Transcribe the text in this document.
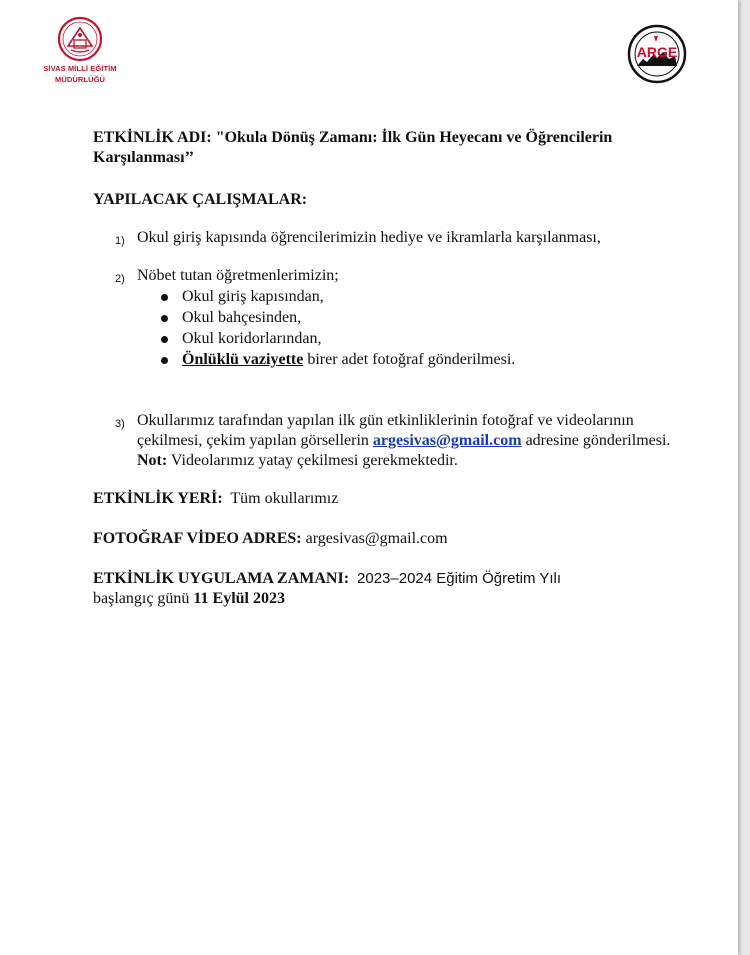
SİVAS MİLLİ EĞİTİM
MÜDÜRLÜĞÜ
ARGE

ETKİNLİK ADI: "Okula Dönüş Zamanı: İlk Gün Heyecanı ve Öğrencilerin Karşılanması’’

YAPILACAK ÇALIŞMALAR:
1) Okul giriş kapısında öğrencilerimizin hediye ve ikramlarla karşılanması,
2) Nöbet tutan öğretmenlerimizin;
Okul giriş kapısından,
Okul bahçesinden,
Okul koridorlarından,
Önlüklü vaziyette birer adet fotoğraf gönderilmesi.
3) Okullarımız tarafından yapılan ilk gün etkinliklerinin fotoğraf ve videolarının çekilmesi, çekim yapılan görsellerin argesivas@gmail.com adresine gönderilmesi.
Not: Videolarımız yatay çekilmesi gerekmektedir.
ETKİNLİK YERİ: Tüm okullarımız
FOTOĞRAF VİDEO ADRES: argesivas@gmail.com
ETKİNLİK UYGULAMA ZAMANI: 2023–2024 Eğitim Öğretim Yılı
başlangıç günü 11 Eylül 2023
